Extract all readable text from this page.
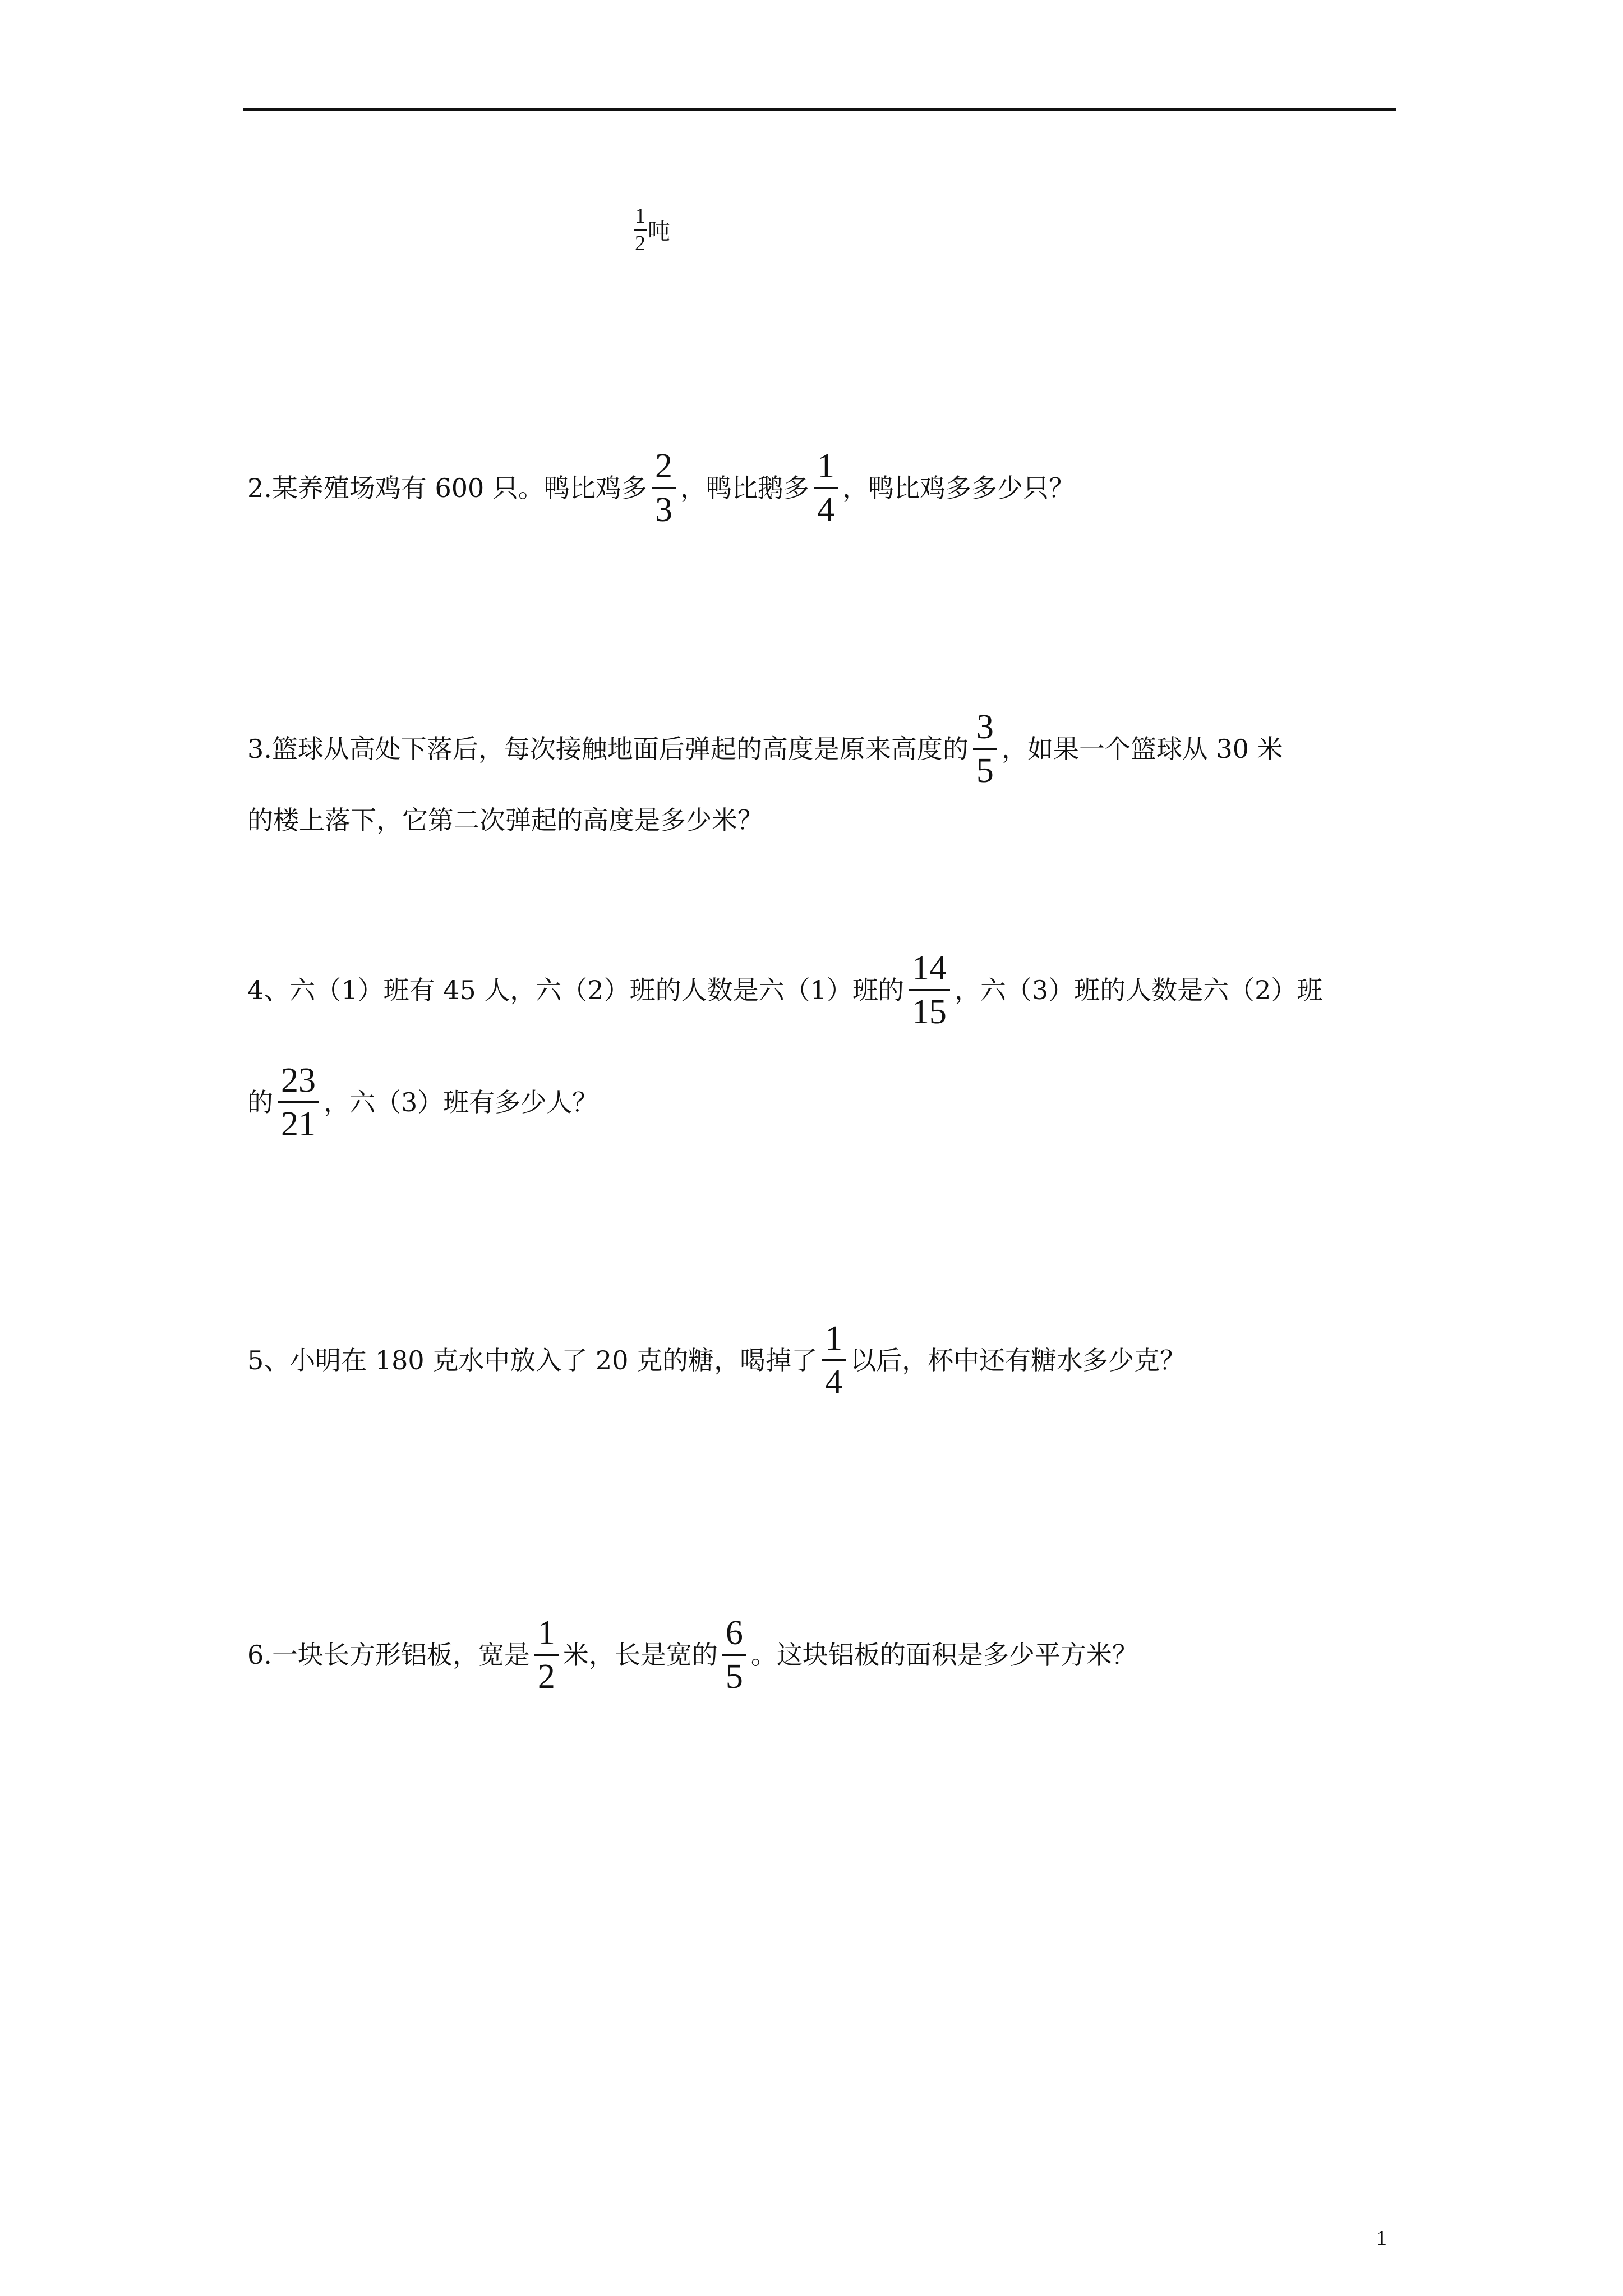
$\frac{1}{2}$ 吨
2.某养殖场鸡有 600 只。鸭比鸡多 $\frac{2}{3}$ ，鸭比鹅多 $\frac{1}{4}$ ，鸭比鸡多多少只？
3.篮球从高处下落后，每次接触地面后弹起的高度是原来高度的 $\frac{3}{5}$ ，如果一个篮球从 30 米
的楼上落下，它第二次弹起的高度是多少米？
4、六（1）班有 45 人，六（2）班的人数是六（1）班的 $\frac{14}{15}$ ，六（3）班的人数是六（2）班
的 $\frac{23}{21}$ ，六（3）班有多少人？
5、小明在 180 克水中放入了 20 克的糖，喝掉了 $\frac{1}{4}$ 以后，杯中还有糖水多少克？
6.一块长方形铝板，宽是 $\frac{1}{2}$ 米，长是宽的 $\frac{6}{5}$ 。这块铝板的面积是多少平方米？
1
